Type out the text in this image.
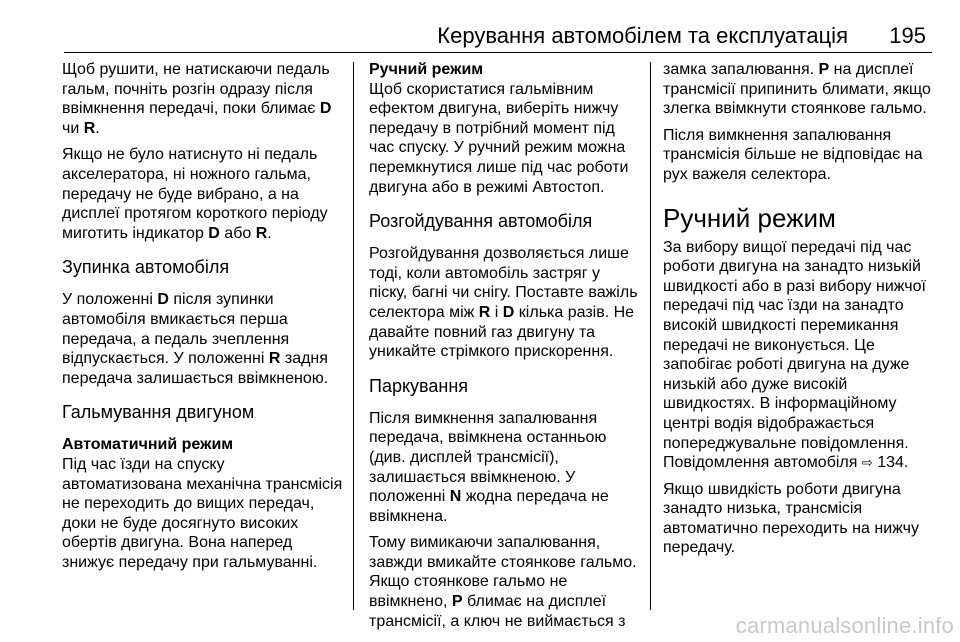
Керування автомобілем та експлуатація 195

Щоб рушити, не натискаючи педаль гальм, почніть розгін одразу після ввімкнення передачі, поки блимає D чи R.

Якщо не було натиснуто ні педаль акселератора, ні ножного гальма, передачу не буде вибрано, а на дисплеї протягом короткого періоду миготить індикатор D або R.

Зупинка автомобіля

У положенні D після зупинки автомобіля вмикається перша передача, а педаль зчеплення відпускається. У положенні R задня передача залишається ввімкненою.

Гальмування двигуном
Автоматичний режим

Під час їзди на спуску автоматизована механічна трансмісія не переходить до вищих передач, доки не буде досягнуто високих обертів двигуна. Вона наперед знижує передачу при гальмуванні.

Ручний режим

Щоб скористатися гальмівним ефектом двигуна, виберіть нижчу передачу в потрібний момент під час спуску. У ручний режим можна перемкнутися лише під час роботи двигуна або в режимі Автостоп.

Розгойдування автомобіля

Розгойдування дозволяється лише тоді, коли автомобіль застряг у піску, багні чи снігу. Поставте важіль селектора між R і D кілька разів. Не давайте повний газ двигуну та уникайте стрімкого прискорення.

Паркування

Після вимкнення запалювання передача, ввімкнена останньою (див. дисплей трансмісії), залишається ввімкненою. У положенні N жодна передача не ввімкнена.

Тому вимикаючи запалювання, завжди вмикайте стоянкове гальмо. Якщо стоянкове гальмо не ввімкнено, P блимає на дисплеї трансмісії, а ключ не виймається з

замка запалювання. P на дисплеї трансмісії припинить блимати, якщо злегка ввімкнути стоянкове гальмо.

Після вимкнення запалювання трансмісія більше не відповідає на рух важеля селектора.

Ручний режим

За вибору вищої передачі під час роботи двигуна на занадто низькій швидкості або в разі вибору нижчої передачі під час їзди на занадто високій швидкості перемикання передачі не виконується. Це запобігає роботі двигуна на дуже низькій або дуже високій швидкостях. В інформаційному центрі водія відображається попереджувальне повідомлення. Повідомлення автомобіля ⇨ 134.

Якщо швидкість роботи двигуна занадто низька, трансмісія автоматично переходить на нижчу передачу.

carmanualsonline.info
